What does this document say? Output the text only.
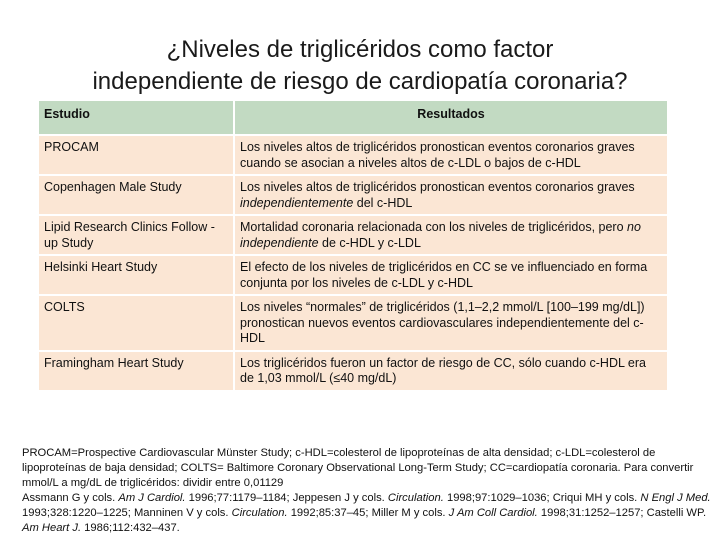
¿Niveles de triglicéridos como factor
independiente de riesgo de cardiopatía coronaria?
Estudio	Resultados
PROCAM	Los niveles altos de triglicéridos pronostican eventos coronarios graves cuando se asocian a niveles altos de c-LDL o bajos de c-HDL
Copenhagen Male Study	Los niveles altos de triglicéridos pronostican eventos coronarios graves independientemente del c-HDL
Lipid Research Clinics Follow -up Study	Mortalidad coronaria relacionada con los niveles de triglicéridos, pero no independiente de c-HDL y c-LDL
Helsinki Heart Study	El efecto de los niveles de triglicéridos en CC se ve influenciado en forma conjunta por los niveles de c-LDL y c-HDL
COLTS	Los niveles “normales” de triglicéridos (1,1–2,2 mmol/L [100–199 mg/dL]) pronostican nuevos eventos cardiovasculares independientemente del c-HDL
Framingham Heart Study	Los triglicéridos fueron un factor de riesgo de CC, sólo cuando c-HDL era de 1,03 mmol/L (≤40 mg/dL)

PROCAM=Prospective Cardiovascular Münster Study; c-HDL=colesterol de lipoproteínas de alta densidad; c-LDL=colesterol de lipoproteínas de baja densidad; COLTS= Baltimore Coronary Observational Long-Term Study; CC=cardiopatía coronaria. Para convertir mmol/L a mg/dL de triglicéridos: dividir entre 0,01129

Assmann G y cols. Am J Cardiol. 1996;77:1179–1184; Jeppesen J y cols. Circulation. 1998;97:1029–1036; Criqui MH y cols. N Engl J Med. 1993;328:1220–1225; Manninen V y cols. Circulation. 1992;85:37–45; Miller M y cols. J Am Coll Cardiol. 1998;31:1252–1257; Castelli WP. Am Heart J. 1986;112:432–437.
